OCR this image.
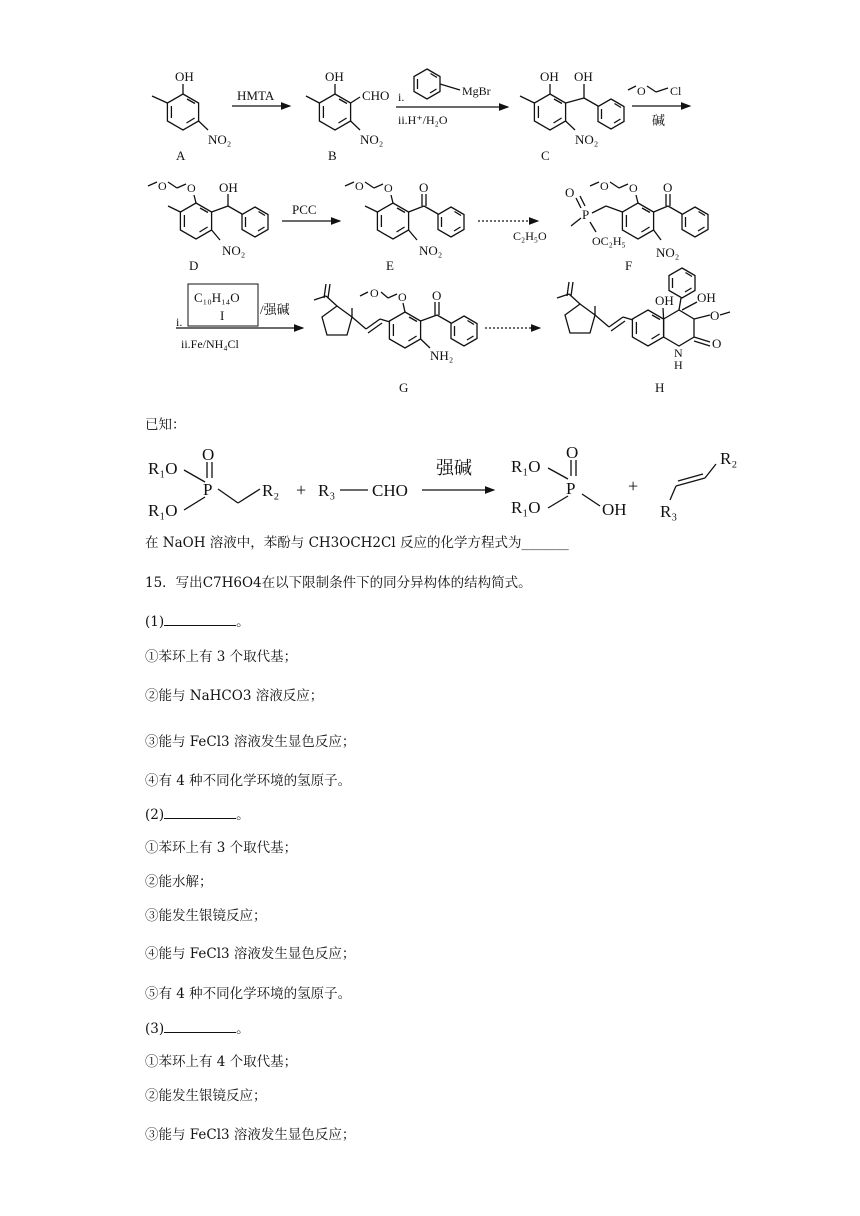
OH
NO₂
A
HMTA
OH
CHO
NO₂
B
i.	MgBr
ii.H⁺/H₂O
OH OH
NO₂
C
O Cl
碱
O O OH
NO₂
D
PCC
O O O
NO₂
E
O O
P
O
C₂H₅O	OC₂H₅
O
NO₂
F
C₁₀H₁₄O
I	/强碱
i.
ii.Fe/NH₄Cl
O
O	O
NH₂
G
OH OH
O
O
N
H
H
已知：
R₁O
R₁O
P
O
R₂ + R₃ CHO
强碱 R₁O
R₁O
P
O
OH
+
R₂
R₃
在 NaOH 溶液中，苯酚与 CH3OCH2Cl 反应的化学方程式为_______
15．写出C7H6O4在以下限制条件下的同分异构体的结构简式。
(1)	。
①苯环上有 3 个取代基；
②能与 NaHCO3 溶液反应；
③能与 FeCl3 溶液发生显色反应；
④有 4 种不同化学环境的氢原子。
(2)	。
①苯环上有 3 个取代基；
②能水解；
③能发生银镜反应；
④能与 FeCl3 溶液发生显色反应；
⑤有 4 种不同化学环境的氢原子。
(3)	。
①苯环上有 4 个取代基；
②能发生银镜反应；
③能与 FeCl3 溶液发生显色反应；
